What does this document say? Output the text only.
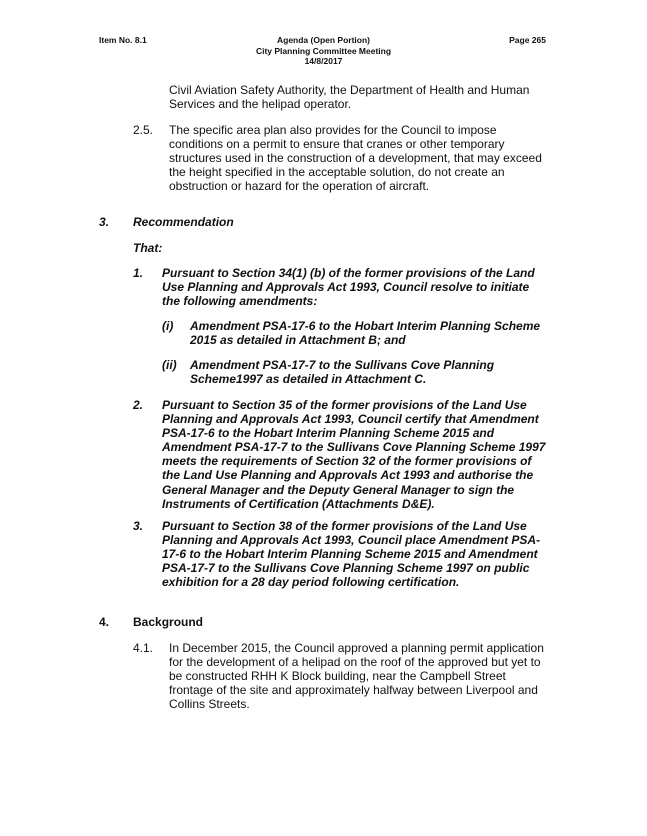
Item No. 8.1	Agenda (Open Portion)
City Planning Committee Meeting
14/8/2017
Page 265
Civil Aviation Safety Authority, the Department of Health and Human
Services and the helipad operator.
2.5. The specific area plan also provides for the Council to impose
conditions on a permit to ensure that cranes or other temporary
structures used in the construction of a development, that may exceed
the height specified in the acceptable solution, do not create an
obstruction or hazard for the operation of aircraft.
3. Recommendation
That:
1. Pursuant to Section 34(1) (b) of the former provisions of the Land
Use Planning and Approvals Act 1993, Council resolve to initiate
the following amendments:
(i) Amendment PSA-17-6 to the Hobart Interim Planning Scheme
2015 as detailed in Attachment B; and
(ii) Amendment PSA-17-7 to the Sullivans Cove Planning
Scheme1997 as detailed in Attachment C.
2. Pursuant to Section 35 of the former provisions of the Land Use
Planning and Approvals Act 1993, Council certify that Amendment
PSA-17-6 to the Hobart Interim Planning Scheme 2015 and
Amendment PSA-17-7 to the Sullivans Cove Planning Scheme 1997
meets the requirements of Section 32 of the former provisions of
the Land Use Planning and Approvals Act 1993 and authorise the
General Manager and the Deputy General Manager to sign the
Instruments of Certification (Attachments D&E).
3. Pursuant to Section 38 of the former provisions of the Land Use
Planning and Approvals Act 1993, Council place Amendment PSA-
17-6 to the Hobart Interim Planning Scheme 2015 and Amendment
PSA-17-7 to the Sullivans Cove Planning Scheme 1997 on public
exhibition for a 28 day period following certification.
4. Background
4.1. In December 2015, the Council approved a planning permit application
for the development of a helipad on the roof of the approved but yet to
be constructed RHH K Block building, near the Campbell Street
frontage of the site and approximately halfway between Liverpool and
Collins Streets.
